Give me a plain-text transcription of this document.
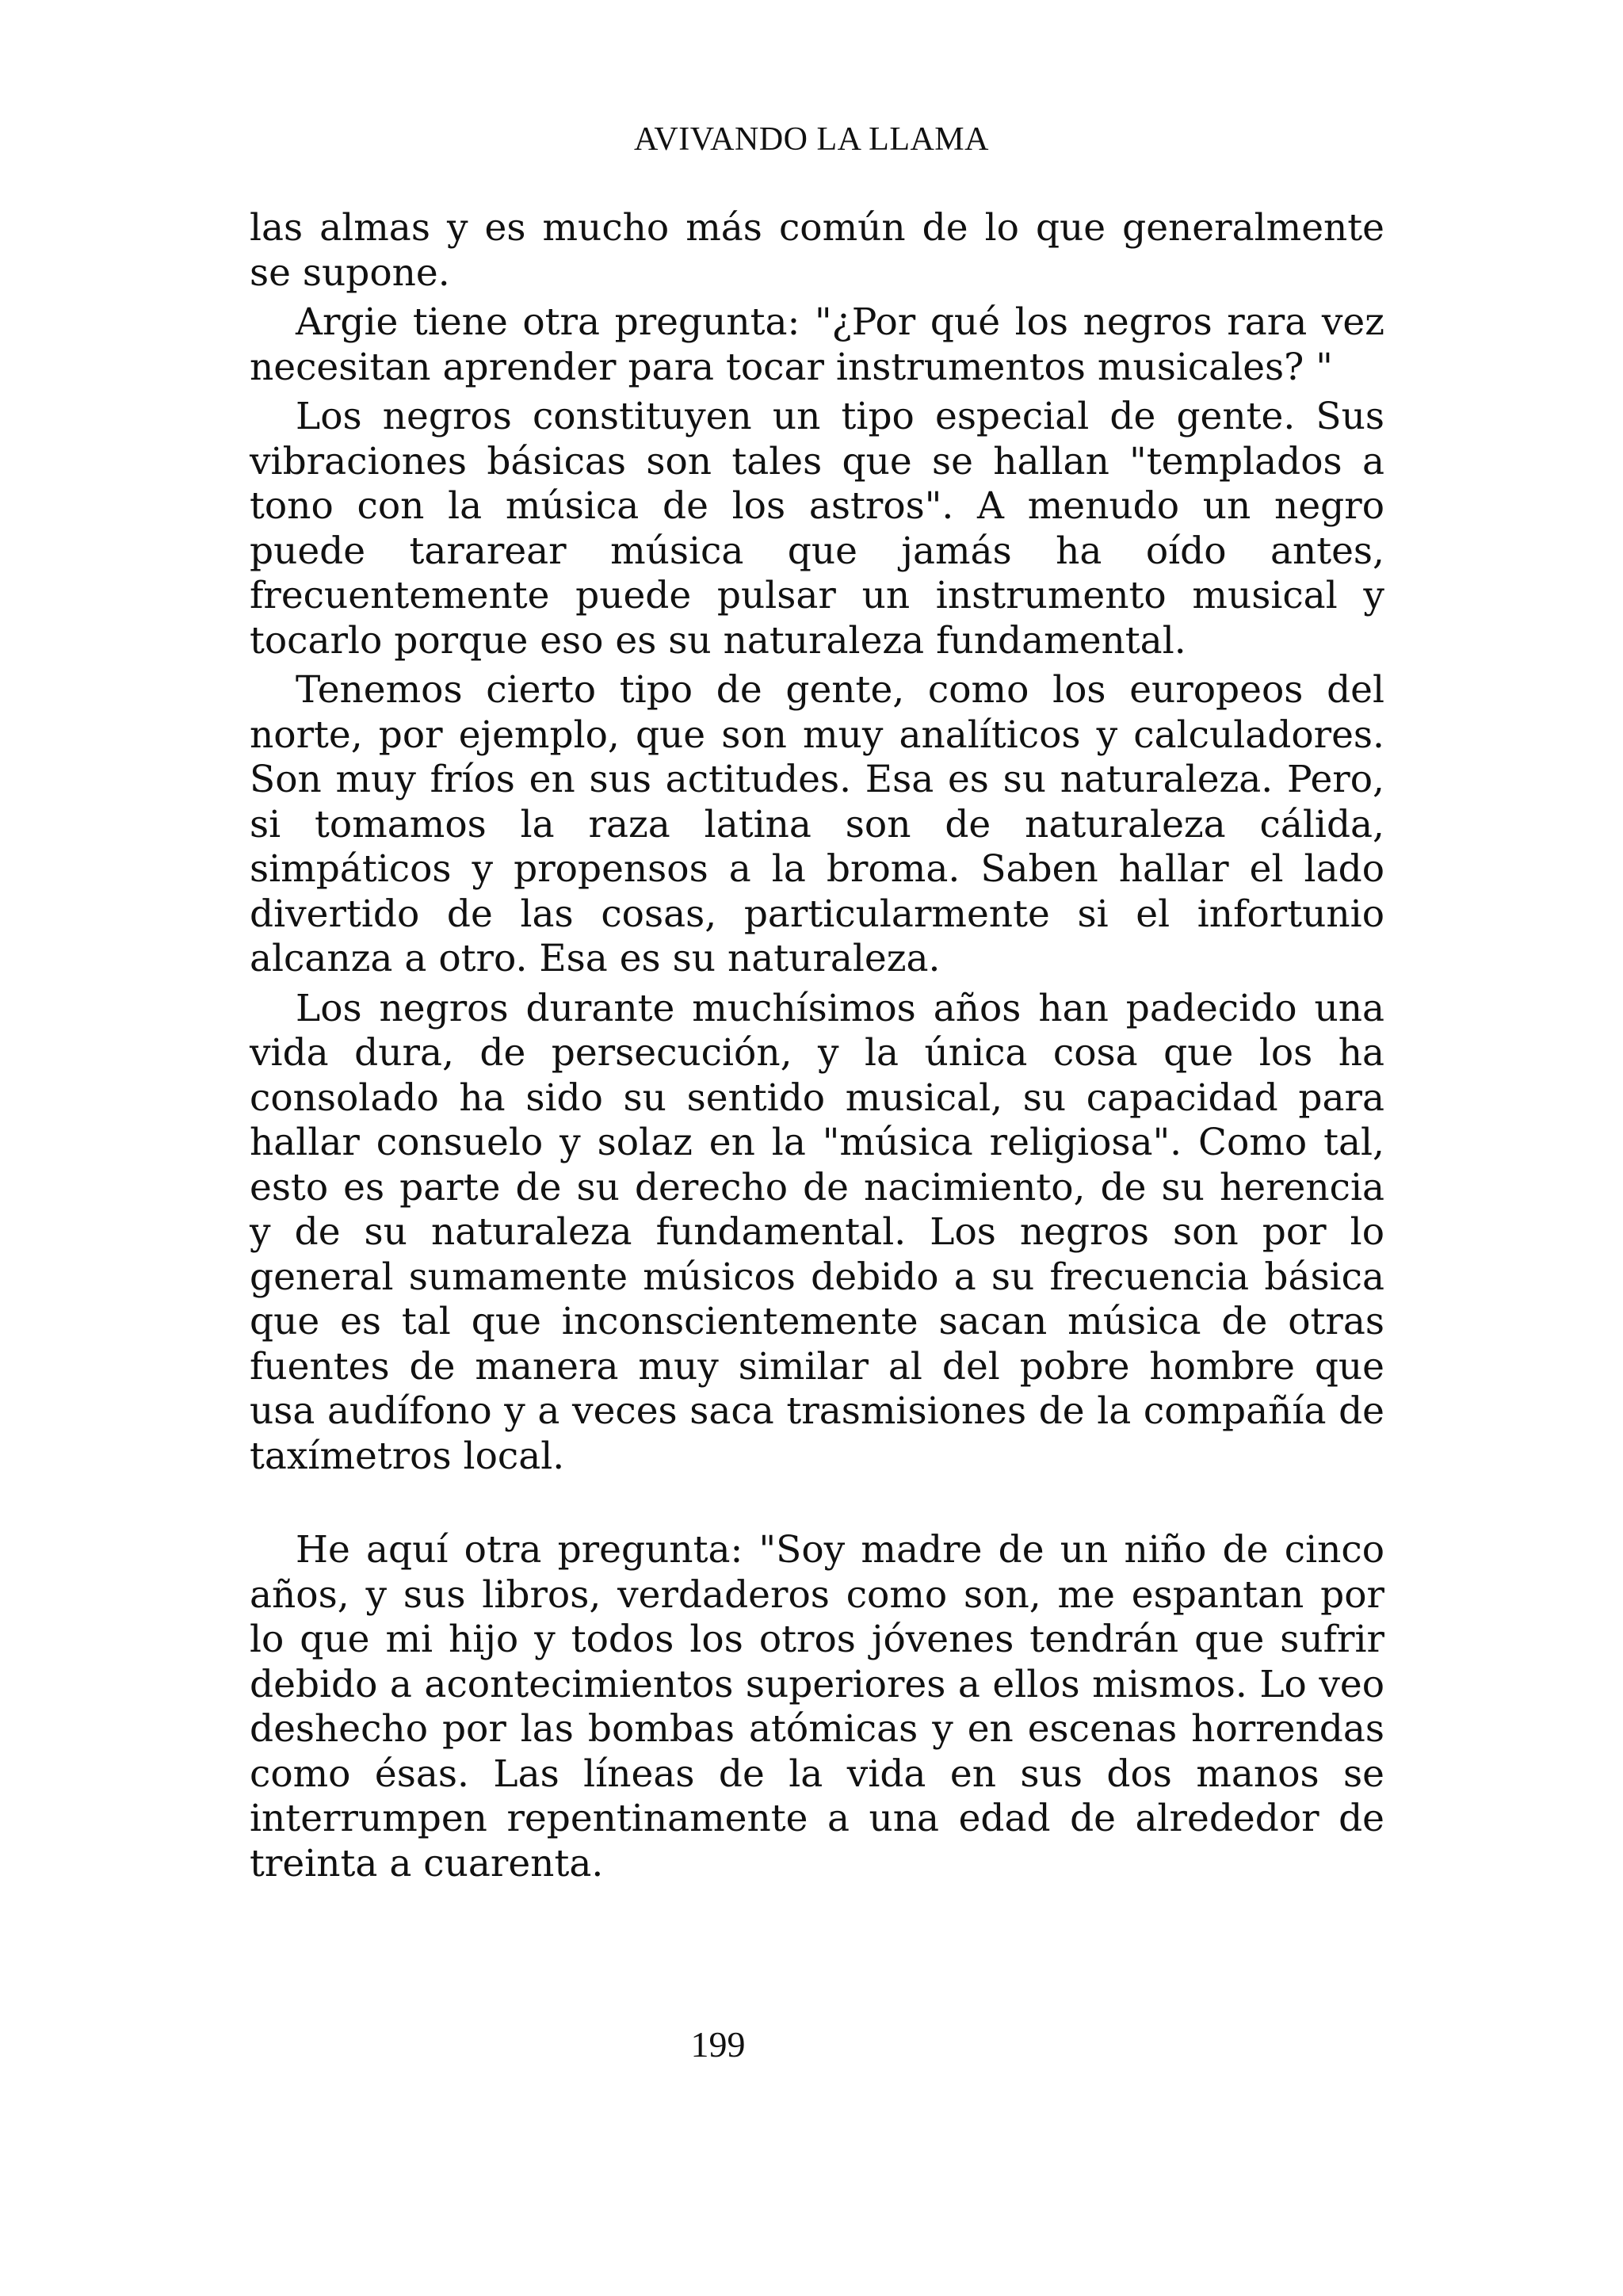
AVIVANDO LA LLAMA

las almas y es mucho más común de lo que generalmente se supone.

Argie tiene otra pregunta: "¿Por qué los negros rara vez necesitan aprender para tocar instrumentos musicales? "

Los negros constituyen un tipo especial de gente. Sus vibraciones básicas son tales que se hallan "templados a tono con la música de los astros". A menudo un negro puede tararear música que jamás ha oído antes, frecuentemente puede pulsar un instrumento musical y tocarlo porque eso es su naturaleza fundamental.

Tenemos cierto tipo de gente, como los europeos del norte, por ejemplo, que son muy analíticos y calculadores. Son muy fríos en sus actitudes. Esa es su naturaleza. Pero, si tomamos la raza latina son de naturaleza cálida, simpáticos y propensos a la broma. Saben hallar el lado divertido de las cosas, particularmente si el infortunio alcanza a otro. Esa es su naturaleza.

Los negros durante muchísimos años han padecido una vida dura, de persecución, y la única cosa que los ha consolado ha sido su sentido musical, su capacidad para hallar consuelo y solaz en la "música religiosa". Como tal, esto es parte de su derecho de nacimiento, de su herencia y de su naturaleza fundamental. Los negros son por lo general sumamente músicos debido a su frecuencia básica que es tal que inconscientemente sacan música de otras fuentes de manera muy similar al del pobre hombre que usa audífono y a veces saca trasmisiones de la compañía de taxímetros local.

He aquí otra pregunta: "Soy madre de un niño de cinco años, y sus libros, verdaderos como son, me espantan por lo que mi hijo y todos los otros jóvenes tendrán que sufrir debido a acontecimientos superiores a ellos mismos. Lo veo deshecho por las bombas atómicas y en escenas horrendas como ésas. Las líneas de la vida en sus dos manos se interrumpen repentinamente a una edad de alrededor de treinta a cuarenta.

199
